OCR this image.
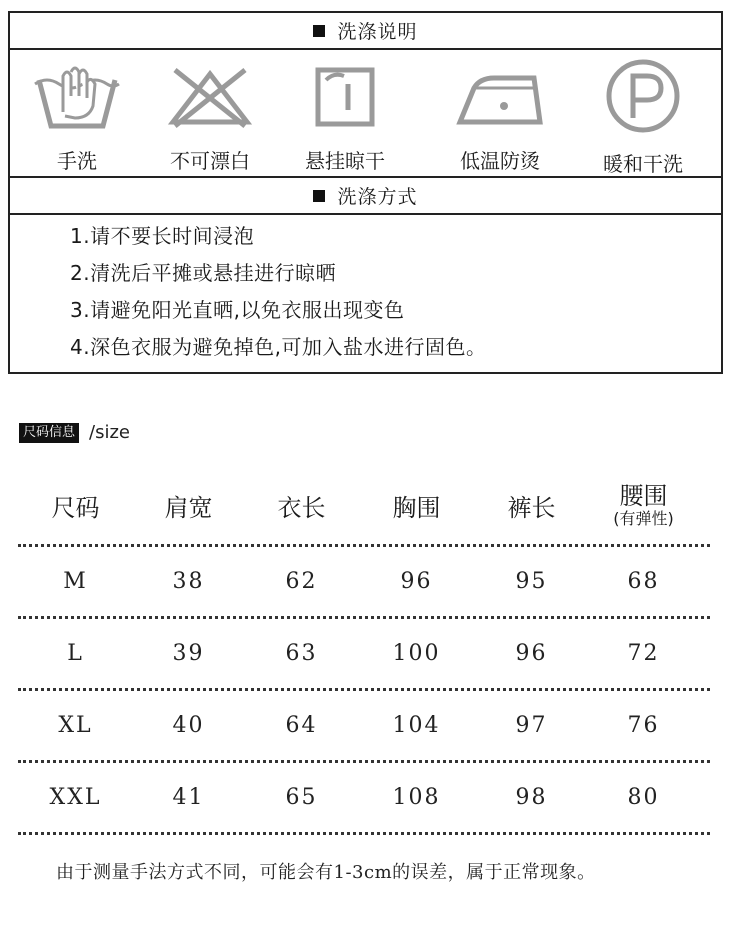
洗涤说明
手洗	不可漂白	悬挂晾干	低温防烫	暖和干洗
洗涤方式
1.请不要长时间浸泡
2.清洗后平摊或悬挂进行晾晒
3.请避免阳光直晒,以免衣服出现变色
4.深色衣服为避免掉色,可加入盐水进行固色。
尺码信息 /size
尺码	肩宽	衣长	胸围	裤长	腰围
(有弹性)
M	38	62	96	95	68
L	39	63	100	96	72
XL	40	64	104	97	76
XXL	41	65	108	98	80
由于测量手法方式不同，可能会有1-3cm的误差，属于正常现象。
